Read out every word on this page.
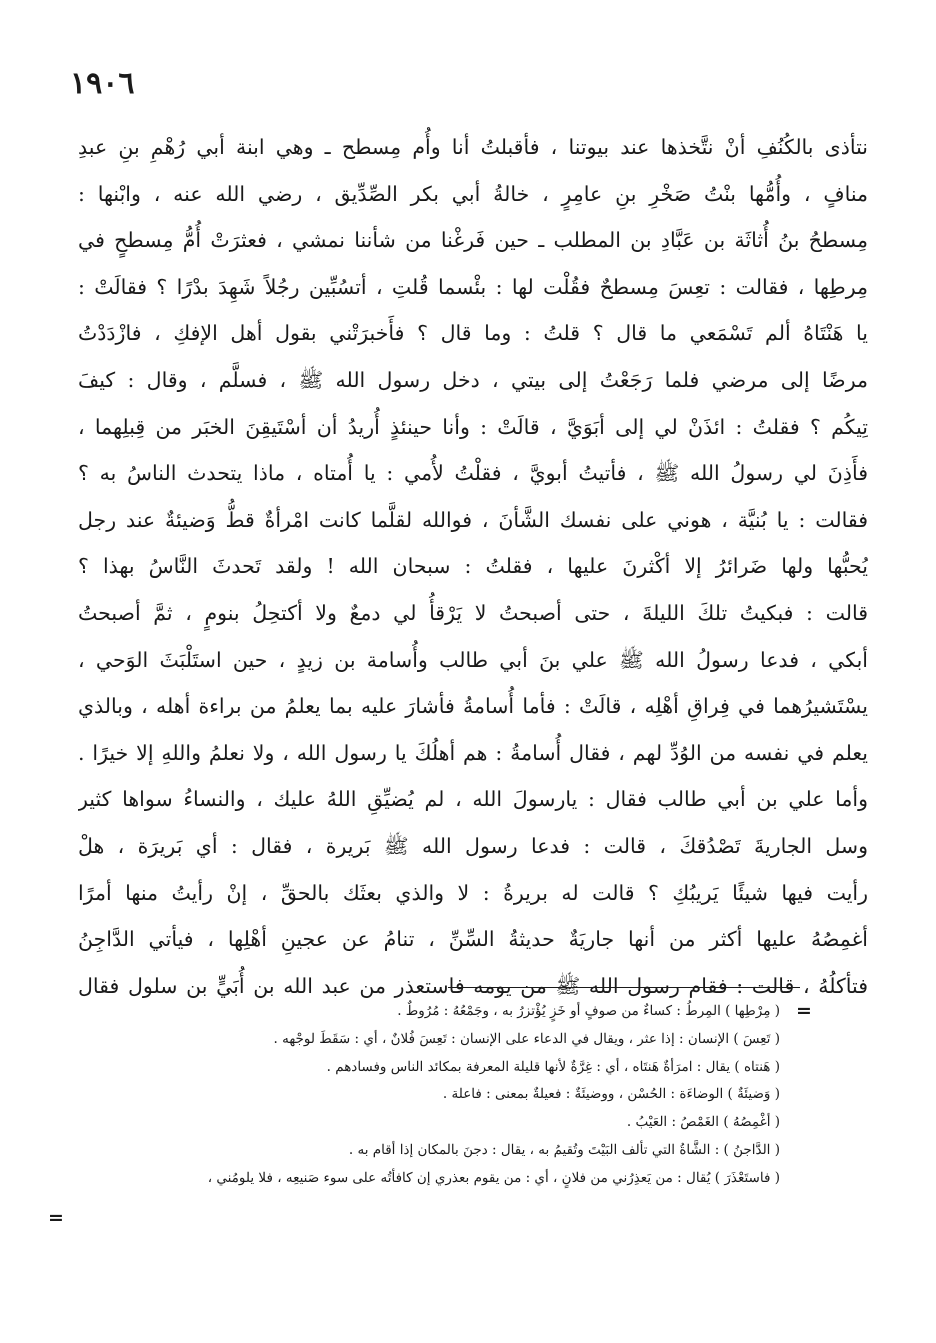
١٩٠٦
نتأذى بالكُنُفِ أنْ نتَّخذها عند بيوتنا ، فأقبلتُ أنا وأُم مِسطح ـ وهي ابنة أبي رُهْمِ بنِ عبدِ
منافٍ ، وأُمُّها بنْتُ صَخْرِ بنِ عامِرٍ ، خالةُ أبي بكر الصِّدِّيق ، رضي الله عنه ، وابْنها :
مِسطحُ بنُ أُثاثَة بن عَبَّادِ بن المطلب ـ حين فَرغْنا من شأننا نمشي ، فعثرَتْ أُمُّ مِسطحٍ في
مِرطِها ، فقالت : تعِسَ مِسطحٌ فقُلْت لها : بئْسما قُلتِ ، أتسُبِّين رجُلاً شَهِدَ بدْرًا ؟ فقالَتْ :
يا هَنْتَاهُ ألم تَسْمَعي ما قال ؟ قلتُ : وما قال ؟ فأَخبرَتْني بقول أهل الإفكِ ، فازْدَدْتُ
مرضًا إلى مرضي فلما رَجَعْتُ إلى بيتي ، دخل رسول الله ﷺ ، فسلَّم ، وقال : كيفَ
تِيكُم ؟ فقلتُ : ائذَنْ لي إلى أبَوَيَّ ، قالَتْ : وأنا حينئذٍ أُريدُ أن أسْتَيقِنَ الخبَر من قِبلِهما ،
فأَذِنَ لي رسولُ الله ﷺ ، فأتيتُ أبويَّ ، فقلْتُ لأُمي : يا أُمتاه ، ماذا يتحدث الناسُ به ؟
فقالت : يا بُنيَّة ، هوني على نفسك الشَّأنَ ، فوالله لقلَّما كانت امْرأةٌ قطُّ وَضيئةٌ عند رجل
يُحبُّها ولها ضَرائرُ إلا أكْثرنَ عليها ، فقلتُ : سبحان الله ! ولقد تَحدثَ النَّاسُ بهذا ؟
قالت : فبكيتُ تلكَ الليلةَ ، حتى أصبحتُ لا يَرْقأُ لي دمعٌ ولا أكتحِلُ بنومٍ ، ثمَّ أصبحتُ
أبكي ، فدعا رسولُ الله ﷺ علي بنَ أبي طالب وأُسامة بن زيدٍ ، حين استَلْبَثَ الوَحي ،
يسْتَشيرُهما في فِراقِ أهْلِه ، قالَتْ : فأما أُسامةُ فأشارَ عليه بما يعلمُ من براءة أهله ، وبالذي
يعلم في نفسه من الوُدِّ لهم ، فقال أُسامةُ : هم أهلُكَ يا رسول الله ، ولا نعلمُ واللهِ إلا خيرًا .
وأما علي بن أبي طالب فقال : يارسولَ الله ، لم يُضيِّقِ اللهُ عليك ، والنساءُ سواها كثير
وسل الجاريةَ تَصْدُقكَ ، قالت : فدعا رسول الله ﷺ بَريرة ، فقال : أي بَريرَة ، هلْ
رأيت فيها شيئًا يَريبُكِ ؟ قالت له بريرةُ : لا والذي بعثَك بالحقِّ ، إنْ رأيتُ منها أمرًا
أغمِصُهُ عليها أكثر من أنها جاريَةٌ حديثةُ السِّنِّ ، تنامُ عن عجينِ أهْلِها ، فيأتي الدَّاجِنُ
فتأكلُهُ ، قالت : فقام رسول الله ﷺ من يومه فاستعذر من عبد الله بن أُبَيٍّ بن سلول فقال
=
( مِرْطِها ) المِرطُ : كساءٌ من صوفٍ أو خَزٍ يُؤْتزرُ به ، وجَمْعُهُ : مُرُوطٌ .
( تَعِسَ ) الإنسان : إذا عثر ، ويقال في الدعاء على الإنسان : تَعِسَ فُلانٌ ، أي : سَقَطَ لوجْهه .
( هَنتاه ) يقال : امرَأةٌ هَنتَاه ، أي : غِرَّةٌ لأنها قليلة المعرفة بمكائد الناس وفسادهم .
( وَضيئَةٌ ) الوضاءَة : الحُسْن ، ووضيئَةٌ : فعيلةٌ بمعنى : فاعلة .
( أغْمِصُهُ ) الغَمْصُ : العَيْبُ .
( الدَّاجنُ ) : الشَّاةُ التي تألف البَيْتَ وتُقيمُ به ، يقال : دجنَ بالمكان إذا أقام به .
( فاستَعْذَرَ ) يُقال : من يَعذِرُني من فلانٍ ، أي : من يقوم بعذري إن كافأتُه على سوء صَنيعِه ، فلا يلومُني ،
=
